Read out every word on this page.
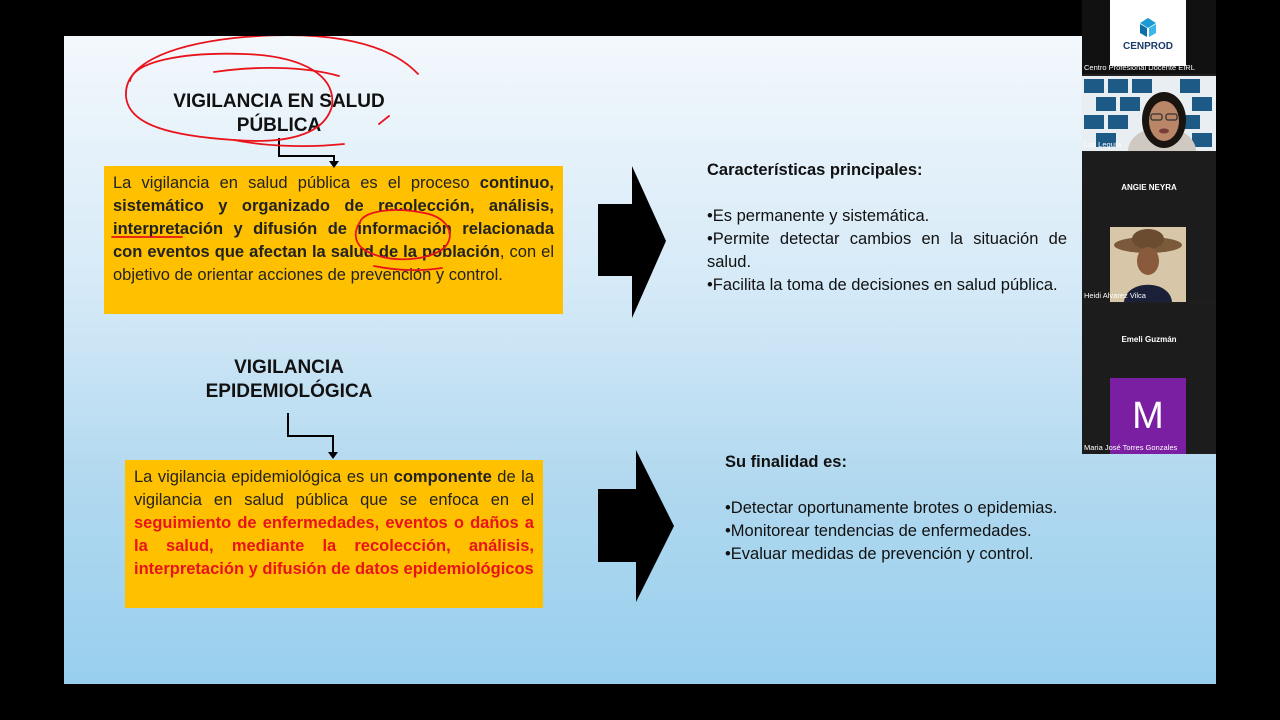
VIGILANCIA EN SALUD
PÚBLICA
La vigilancia en salud pública es el proceso continuo, sistemático y organizado de recolección, análisis, interpretación y difusión de información relacionada con eventos que afectan la salud de la población, con el objetivo de orientar acciones de prevención y control.
Características principales:
•Es permanente y sistemática.
•Permite detectar cambios en la situación de salud.
•Facilita la toma de decisiones en salud pública.
VIGILANCIA
EPIDEMIOLÓGICA
La vigilancia epidemiológica es un componente de la vigilancia en salud pública que se enfoca en el seguimiento de enfermedades, eventos o daños a la salud, mediante la recolección, análisis, interpretación y difusión de datos epidemiológicos
Su finalidad es:
•Detectar oportunamente brotes o epidemias.
•Monitorear tendencias de enfermedades.
•Evaluar medidas de prevención y control.
CENPROD
Centro Profesional Docente EIRL
Luz Leguía
ANGIE NEYRA
Heidi Alvarez Vilca
Emeli Guzmán
M
Maria José Torres Gonzales
